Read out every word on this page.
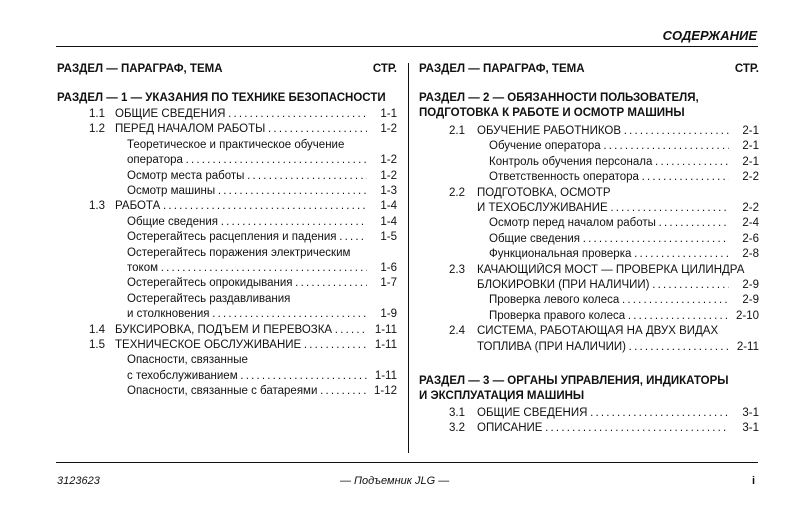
СОДЕРЖАНИЕ
РАЗДЕЛ — ПАРАГРАФ, ТЕМА	СТР.
РАЗДЕЛ — 1 — УКАЗАНИЯ ПО ТЕХНИКЕ БЕЗОПАСНОСТИ
1.1 ОБЩИЕ СВЕДЕНИЯ . . .	1-1
1.2 ПЕРЕД НАЧАЛОМ РАБОТЫ . . .	1-2
Теоретическое и практическое обучение
оператора . . .	1-2
Осмотр места работы . . .	1-2
Осмотр машины . . .	1-3
1.3 РАБОТА . . .	1-4
Общие сведения . . .	1-4
Остерегайтесь расцепления и падения . . .	1-5
Остерегайтесь поражения электрическим
током . . .	1-6
Остерегайтесь опрокидывания . . .	1-7
Остерегайтесь раздавливания
и столкновения . . .	1-9
1.4 БУКСИРОВКА, ПОДЪЕМ И ПЕРЕВОЗКА . . .	1-11
1.5 ТЕХНИЧЕСКОЕ ОБСЛУЖИВАНИЕ . . .	1-11
Опасности, связанные
с техобслуживанием . . .	1-11
Опасности, связанные с батареями . . .	1-12
РАЗДЕЛ — ПАРАГРАФ, ТЕМА	СТР.
РАЗДЕЛ — 2 — ОБЯЗАННОСТИ ПОЛЬЗОВАТЕЛЯ,
ПОДГОТОВКА К РАБОТЕ И ОСМОТР МАШИНЫ
2.1 ОБУЧЕНИЕ РАБОТНИКОВ . . .	2-1
Обучение оператора . . .	2-1
Контроль обучения персонала . . .	2-1
Ответственность оператора . . .	2-2
2.2 ПОДГОТОВКА, ОСМОТР
И ТЕХОБСЛУЖИВАНИЕ . . .	2-2
Осмотр перед началом работы . . .	2-4
Общие сведения . . .	2-6
Функциональная проверка . . .	2-8
2.3 КАЧАЮЩИЙСЯ МОСТ — ПРОВЕРКА ЦИЛИНДРА
БЛОКИРОВКИ (ПРИ НАЛИЧИИ) . . .	2-9
Проверка левого колеса . . .	2-9
Проверка правого колеса . . .	2-10
2.4 СИСТЕМА, РАБОТАЮЩАЯ НА ДВУХ ВИДАХ
ТОПЛИВА (ПРИ НАЛИЧИИ) . . .	2-11
РАЗДЕЛ — 3 — ОРГАНЫ УПРАВЛЕНИЯ, ИНДИКАТОРЫ
И ЭКСПЛУАТАЦИЯ МАШИНЫ
3.1 ОБЩИЕ СВЕДЕНИЯ . . .	3-1
3.2 ОПИСАНИЕ . . .	3-1
3123623	— Подъемник JLG —	i
